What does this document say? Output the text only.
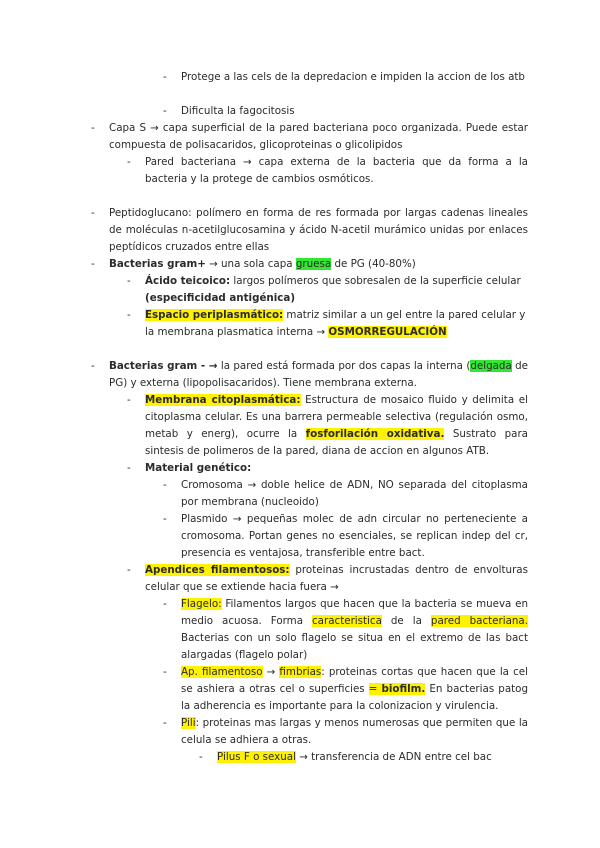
- Protege a las cels de la depredacion e impiden la accion de los atb
- Dificulta la fagocitosis
- Capa S → capa superficial de la pared bacteriana poco organizada. Puede estar compuesta de polisacaridos, glicoproteinas o glicolipidos
- Pared bacteriana → capa externa de la bacteria que da forma a la bacteria y la protege de cambios osmóticos.
- Peptidoglucano: polímero en forma de res formada por largas cadenas lineales de moléculas n-acetilglucosamina y ácido N-acetil murámico unidas por enlaces peptídicos cruzados entre ellas
- Bacterias gram+ → una sola capa gruesa de PG (40-80%)
- Ácido teicoico: largos polímeros que sobresalen de la superficie celular (especificidad antigénica)
- Espacio periplasmático: matriz similar a un gel entre la pared celular y la membrana plasmatica interna → OSMORREGULACIÓN
- Bacterias gram - → la pared está formada por dos capas la interna (delgada de PG) y externa (lipopolisacaridos). Tiene membrana externa.
- Membrana citoplasmática: Estructura de mosaico fluido y delimita el citoplasma celular. Es una barrera permeable selectiva (regulación osmo, metab y energ), ocurre la fosforilación oxidativa. Sustrato para sintesis de polimeros de la pared, diana de accion en algunos ATB.
- Material genético:
- Cromosoma → doble helice de ADN, NO separada del citoplasma por membrana (nucleoido)
- Plasmido → pequeñas molec de adn circular no perteneciente a cromosoma. Portan genes no esenciales, se replican indep del cr, presencia es ventajosa, transferible entre bact.
- Apendices filamentosos: proteinas incrustadas dentro de envolturas celular que se extiende hacia fuera →
- Flagelo: Filamentos largos que hacen que la bacteria se mueva en medio acuosa. Forma caracteristica de la pared bacteriana. Bacterias con un solo flagelo se situa en el extremo de las bact alargadas (flagelo polar)
- Ap. filamentoso → fimbrias: proteinas cortas que hacen que la cel se ashiera a otras cel o superficies = biofilm. En bacterias patog la adherencia es importante para la colonizacion y virulencia.
- Pili: proteinas mas largas y menos numerosas que permiten que la celula se adhiera a otras.
- Pilus F o sexual → transferencia de ADN entre cel bac
